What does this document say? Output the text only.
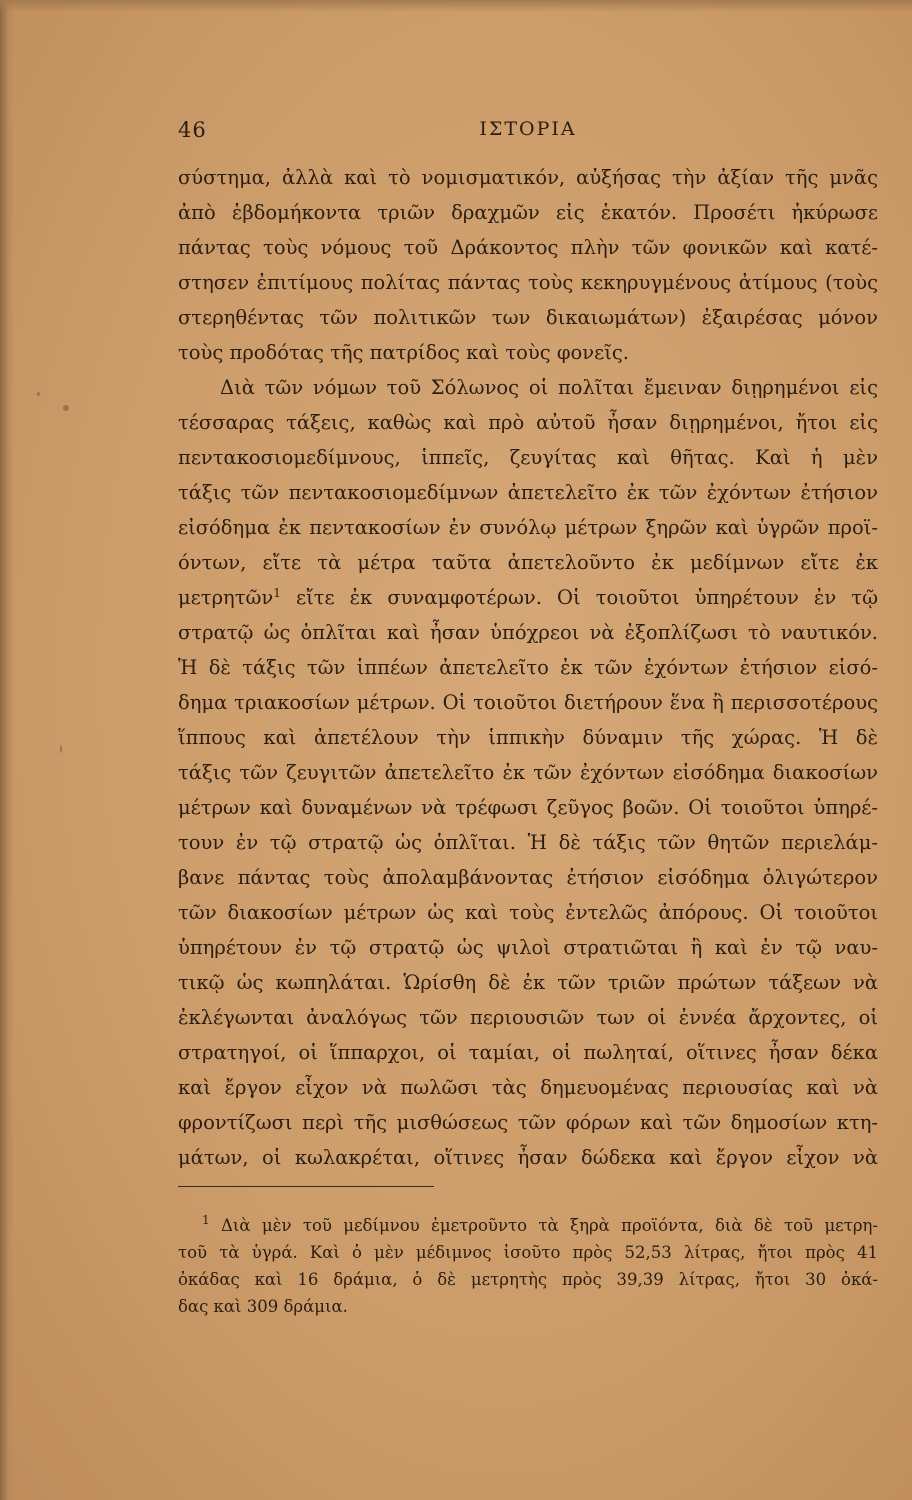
ΙΣΤΟΡΙΑ
46
σύστημα, ἀλλὰ καὶ τὸ νομισματικόν, αὐξήσας τὴν ἀξίαν τῆς μνᾶς
ἀπὸ ἑβδομήκοντα τριῶν δραχμῶν εἰς ἑκατόν. Προσέτι ἠκύρωσε
πάντας τοὺς νόμους τοῦ Δράκοντος πλὴν τῶν φονικῶν καὶ κατέ-
στησεν ἐπιτίμους πολίτας πάντας τοὺς κεκηρυγμένους ἀτίμους (τοὺς
στερηθέντας τῶν πολιτικῶν των δικαιωμάτων) ἐξαιρέσας μόνον
τοὺς προδότας τῆς πατρίδος καὶ τοὺς φονεῖς.
Διὰ τῶν νόμων τοῦ Σόλωνος οἱ πολῖται ἔμειναν διῃρημένοι εἰς
τέσσαρας τάξεις, καθὼς καὶ πρὸ αὐτοῦ ἦσαν διῃρημένοι, ἤτοι εἰς
πεντακοσιομεδίμνους, ἱππεῖς, ζευγίτας καὶ θῆτας. Καὶ ἡ μὲν
τάξις τῶν πεντακοσιομεδίμνων ἀπετελεῖτο ἐκ τῶν ἐχόντων ἐτήσιον
εἰσόδημα ἐκ πεντακοσίων ἐν συνόλῳ μέτρων ξηρῶν καὶ ὑγρῶν προϊ-
όντων, εἴτε τὰ μέτρα ταῦτα ἀπετελοῦντο ἐκ μεδίμνων εἴτε ἐκ
μετρητῶν$^1$ εἴτε ἐκ συναμφοτέρων. Οἱ τοιοῦτοι ὑπηρέτουν ἐν τῷ
στρατῷ ὡς ὁπλῖται καὶ ἦσαν ὑπόχρεοι νὰ ἐξοπλίζωσι τὸ ναυτικόν.
Ἡ δὲ τάξις τῶν ἱππέων ἀπετελεῖτο ἐκ τῶν ἐχόντων ἐτήσιον εἰσό-
δημα τριακοσίων μέτρων. Οἱ τοιοῦτοι διετήρουν ἕνα ἢ περισσοτέρους
ἵππους καὶ ἀπετέλουν τὴν ἱππικὴν δύναμιν τῆς χώρας. Ἡ δὲ
τάξις τῶν ζευγιτῶν ἀπετελεῖτο ἐκ τῶν ἐχόντων εἰσόδημα διακοσίων
μέτρων καὶ δυναμένων νὰ τρέφωσι ζεῦγος βοῶν. Οἱ τοιοῦτοι ὑπηρέ-
τουν ἐν τῷ στρατῷ ὡς ὁπλῖται. Ἡ δὲ τάξις τῶν θητῶν περιελάμ-
βανε πάντας τοὺς ἀπολαμβάνοντας ἐτήσιον εἰσόδημα ὀλιγώτερον
τῶν διακοσίων μέτρων ὡς καὶ τοὺς ἐντελῶς ἀπόρους. Οἱ τοιοῦτοι
ὑπηρέτουν ἐν τῷ στρατῷ ὡς ψιλοὶ στρατιῶται ἢ καὶ ἐν τῷ ναυ-
τικῷ ὡς κωπηλάται. Ὡρίσθη δὲ ἐκ τῶν τριῶν πρώτων τάξεων νὰ
ἐκλέγωνται ἀναλόγως τῶν περιουσιῶν των οἱ ἐννέα ἄρχοντες, οἱ
στρατηγοί, οἱ ἵππαρχοι, οἱ ταμίαι, οἱ πωληταί, οἵτινες ἦσαν δέκα
καὶ ἔργον εἶχον νὰ πωλῶσι τὰς δημευομένας περιουσίας καὶ νὰ
φροντίζωσι περὶ τῆς μισθώσεως τῶν φόρων καὶ τῶν δημοσίων κτη-
μάτων, οἱ κωλακρέται, οἵτινες ἦσαν δώδεκα καὶ ἔργον εἶχον νὰ
$^1$ Διὰ μὲν τοῦ μεδίμνου ἐμετροῦντο τὰ ξηρὰ προϊόντα, διὰ δὲ τοῦ μετρη-
τοῦ τὰ ὑγρά. Καὶ ὁ μὲν μέδιμνος ἰσοῦτο πρὸς 52,53 λίτρας, ἤτοι πρὸς 41
ὀκάδας καὶ 16 δράμια, ὁ δὲ μετρητὴς πρὸς 39,39 λίτρας, ἤτοι 30 ὀκά-
δας καὶ 309 δράμια.
